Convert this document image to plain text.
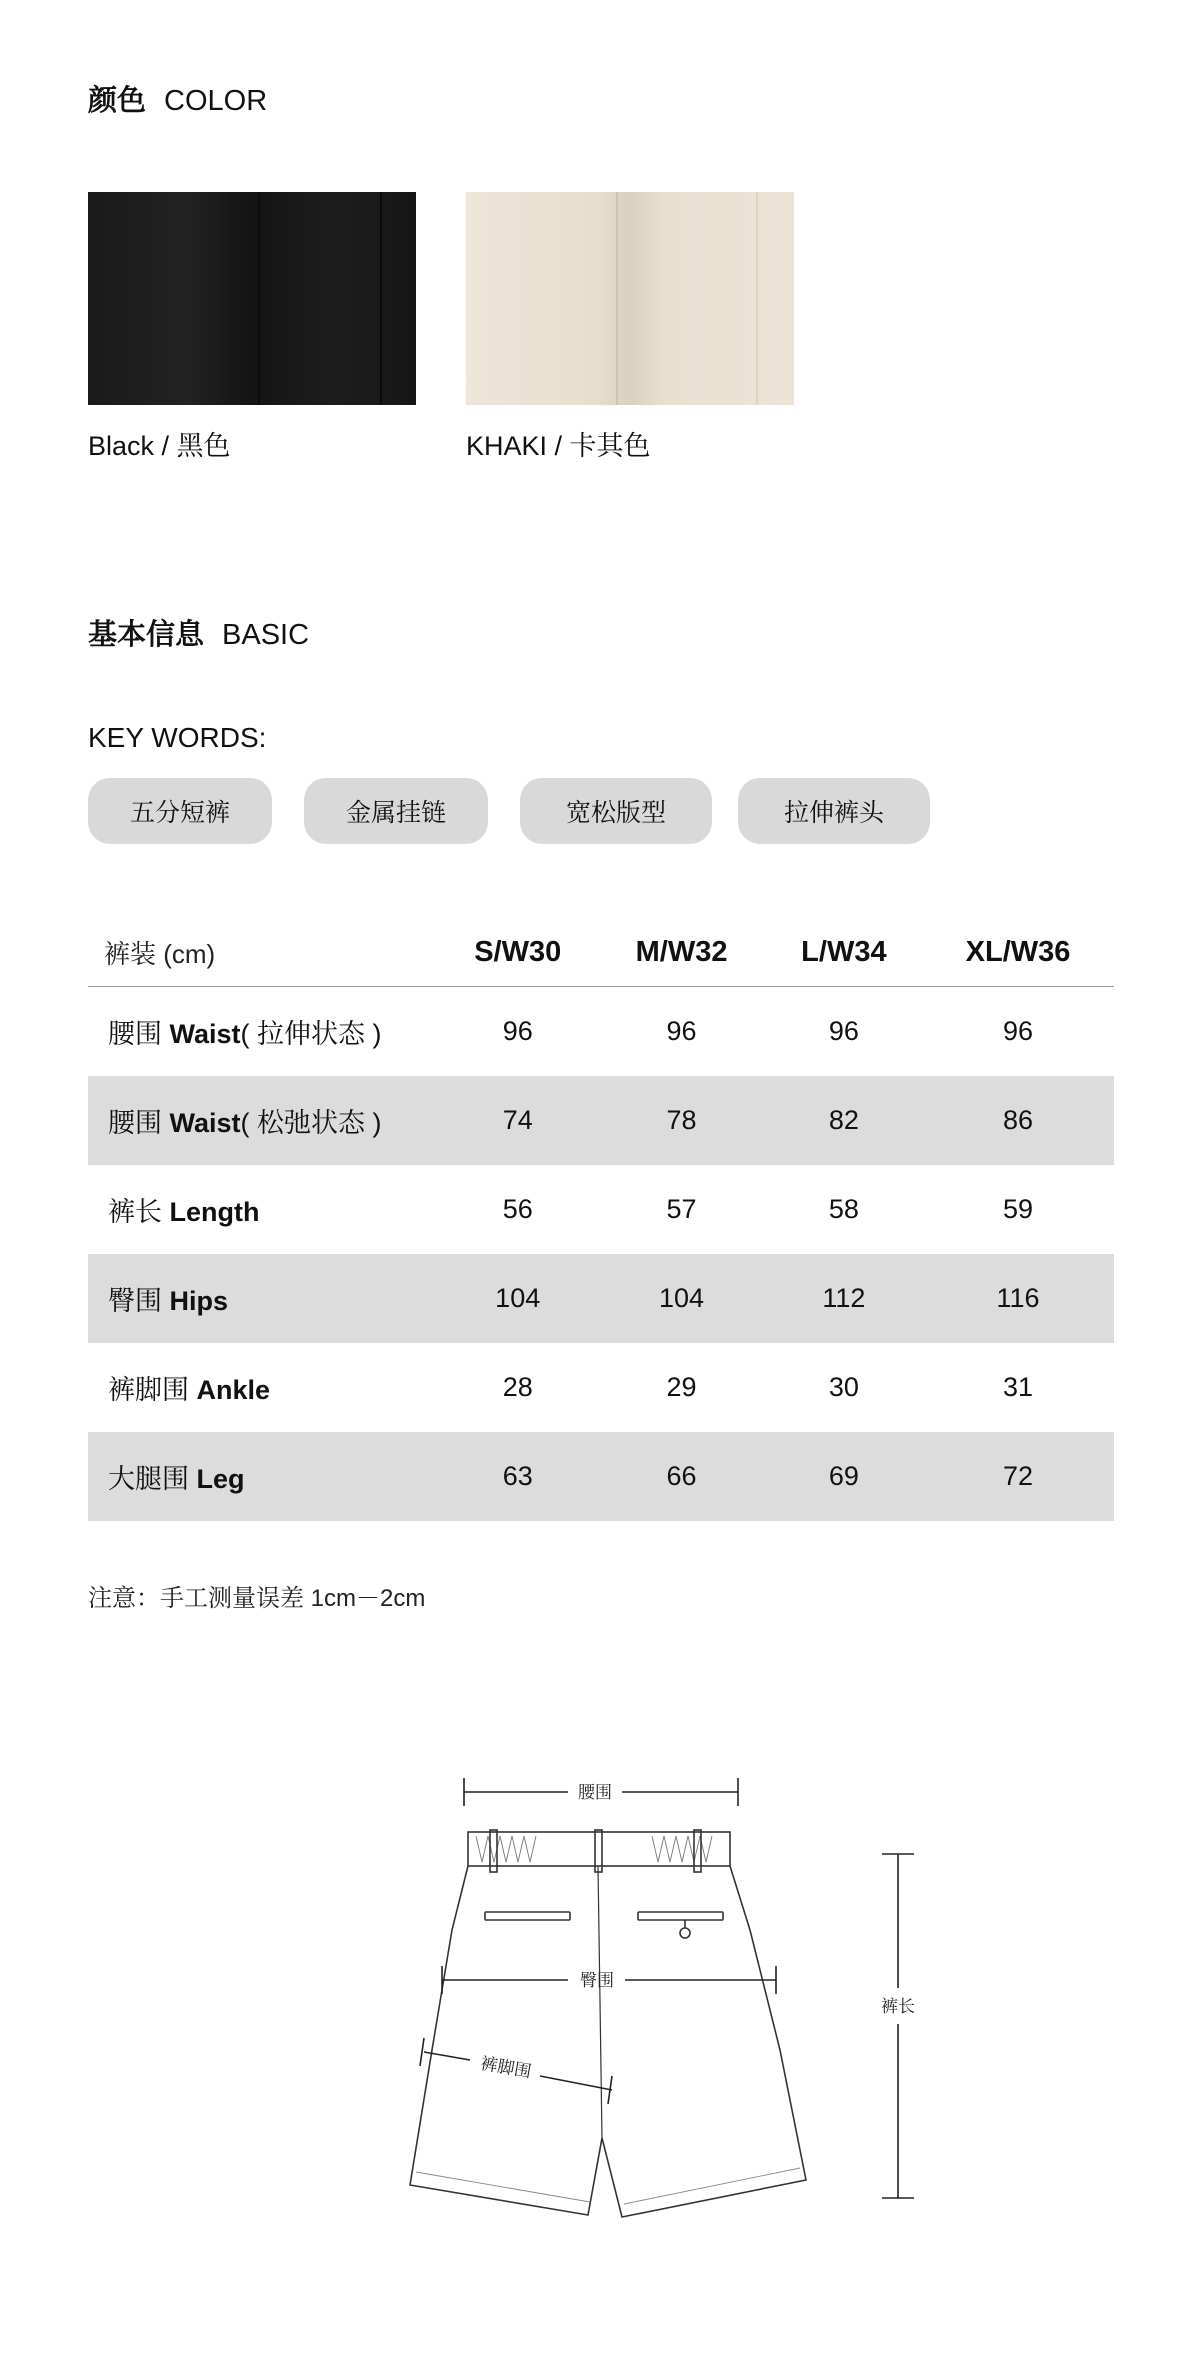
颜色 COLOR
Black / 黑色	KHAKI / 卡其色
基本信息 BASIC
KEY WORDS:
五分短裤	金属挂链	宽松版型	拉伸裤头
裤装 (cm)	S/W30	M/W32	L/W34	XL/W36
腰围 Waist( 拉伸状态 )	96	96	96	96
腰围 Waist( 松弛状态 )	74	78	82	86
裤长 Length	56	57	58	59
臀围 Hips	104	104	112	116
裤脚围 Ankle	28	29	30	31
大腿围 Leg	63	66	69	72
注意：手工测量误差 1cm－2cm
腰围
臀围
裤脚围
裤长
